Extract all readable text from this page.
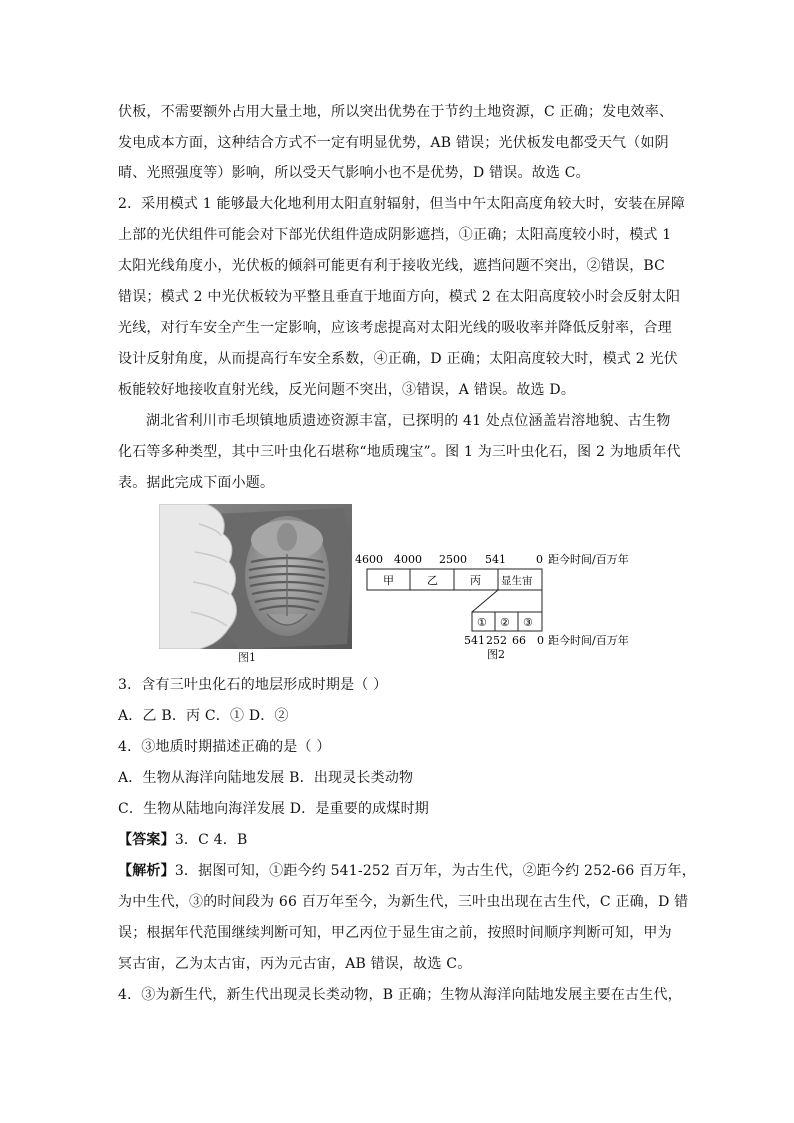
伏板，不需要额外占用大量土地，所以突出优势在于节约土地资源，C 正确；发电效率、
发电成本方面，这种结合方式不一定有明显优势，AB 错误；光伏板发电都受天气（如阴
晴、光照强度等）影响，所以受天气影响小也不是优势，D 错误。故选 C。
2．采用模式 1 能够最大化地利用太阳直射辐射，但当中午太阳高度角较大时，安装在屏障
上部的光伏组件可能会对下部光伏组件造成阴影遮挡，①正确；太阳高度较小时，模式 1
太阳光线角度小，光伏板的倾斜可能更有利于接收光线，遮挡问题不突出，②错误，BC
错误；模式 2 中光伏板较为平整且垂直于地面方向，模式 2 在太阳高度较小时会反射太阳
光线，对行车安全产生一定影响，应该考虑提高对太阳光线的吸收率并降低反射率，合理
设计反射角度，从而提高行车安全系数，④正确，D 正确；太阳高度较大时，模式 2 光伏
板能较好地接收直射光线，反光问题不突出，③错误，A 错误。故选 D。
湖北省利川市毛坝镇地质遗迹资源丰富，已探明的 41 处点位涵盖岩溶地貌、古生物
化石等多种类型，其中三叶虫化石堪称“地质瑰宝”。图 1 为三叶虫化石，图 2 为地质年代
表。据此完成下面小题。
图1
4600 4000 2500 541	0 距今时间/百万年
甲	乙	丙 显生宙
① ② ③
541 252 66 0 距今时间/百万年
图2
3．含有三叶虫化石的地层形成时期是（ ）
A．乙 B．丙 C．① D．②
4．③地质时期描述正确的是（ ）
A．生物从海洋向陆地发展 B．出现灵长类动物
C．生物从陆地向海洋发展 D．是重要的成煤时期
【答案】3．C 4．B
【解析】3．据图可知，①距今约 541-252 百万年，为古生代，②距今约 252-66 百万年，
为中生代，③的时间段为 66 百万年至今，为新生代，三叶虫出现在古生代，C 正确，D 错
误；根据年代范围继续判断可知，甲乙丙位于显生宙之前，按照时间顺序判断可知，甲为
冥古宙，乙为太古宙，丙为元古宙，AB 错误，故选 C。
4．③为新生代，新生代出现灵长类动物，B 正确；生物从海洋向陆地发展主要在古生代，
